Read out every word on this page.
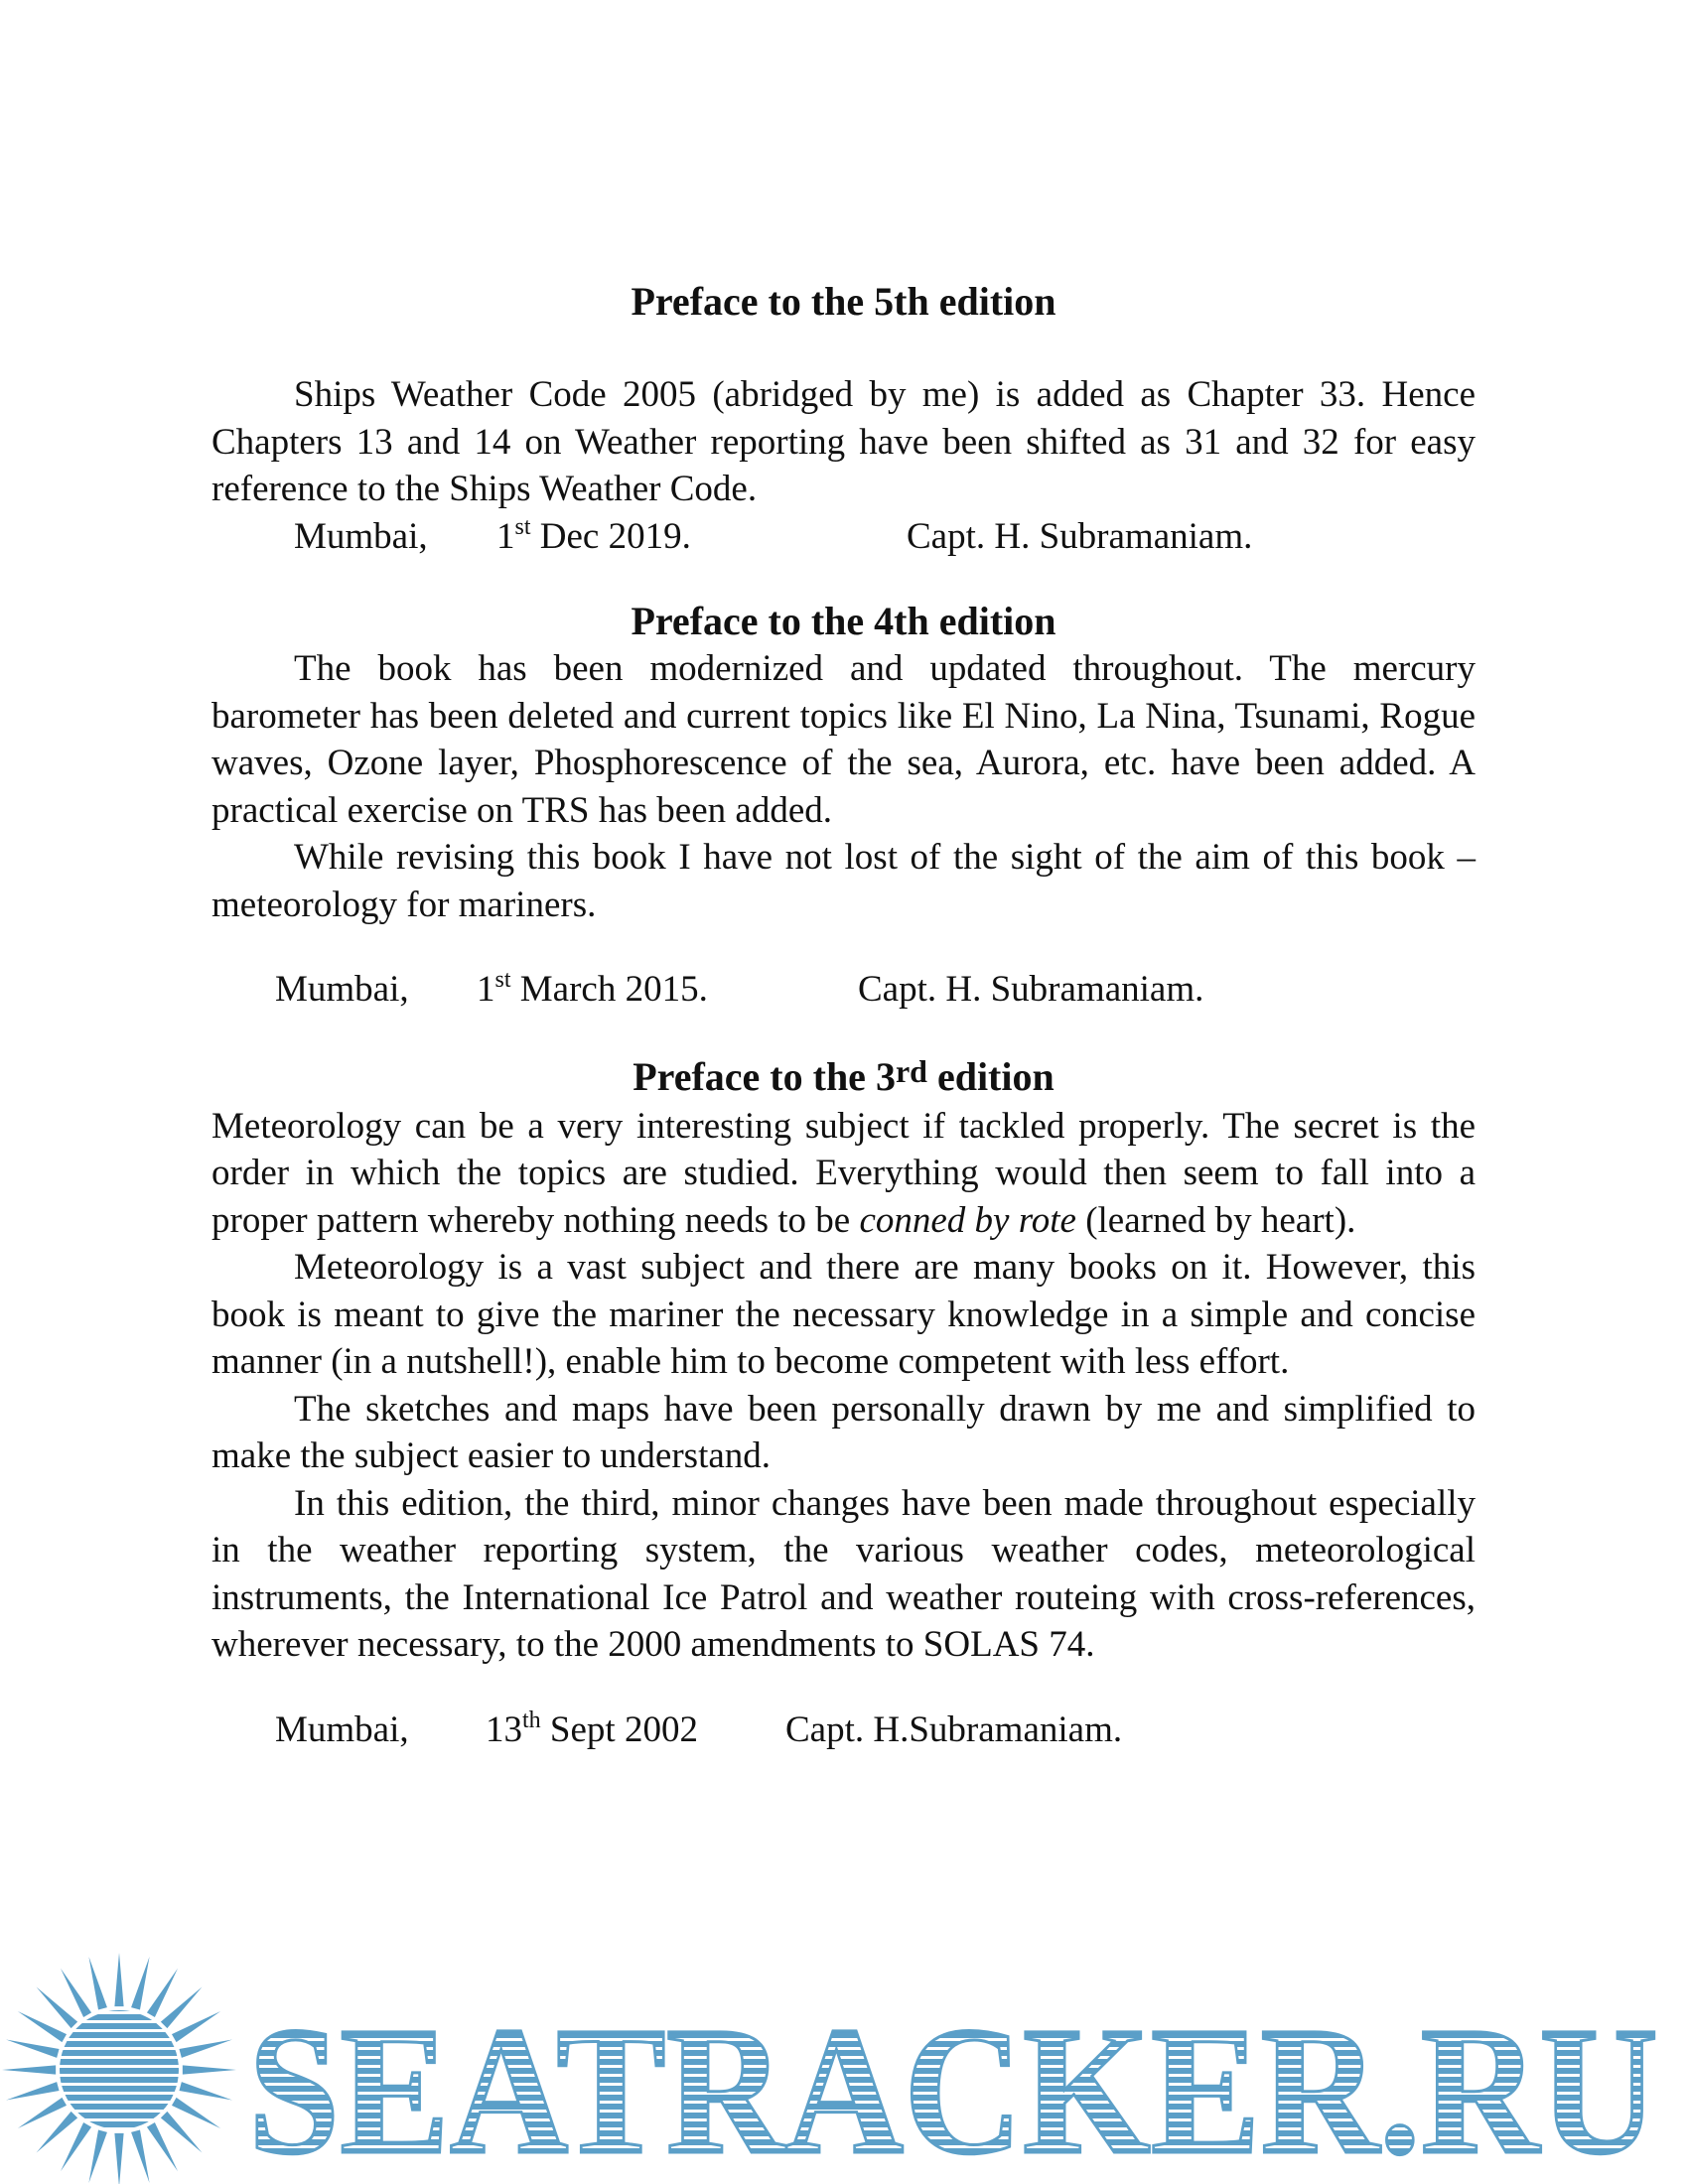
Preface to the 5th edition

Ships Weather Code 2005 (abridged by me) is added as Chapter 33. Hence Chapters 13 and 14 on Weather reporting have been shifted as 31 and 32 for easy reference to the Ships Weather Code.

Mumbai, 1st Dec 2019.	Capt. H. Subramaniam.
Preface to the 4th edition

The book has been modernized and updated throughout. The mercury barometer has been deleted and current topics like El Nino, La Nina, Tsunami, Rogue waves, Ozone layer, Phosphorescence of the sea, Aurora, etc. have been added. A practical exercise on TRS has been added.

While revising this book I have not lost of the sight of the aim of this book – meteorology for mariners.

Mumbai, 1st March 2015.	Capt. H. Subramaniam.
Preface to the 3rd edition

Meteorology can be a very interesting subject if tackled properly. The secret is the order in which the topics are studied. Everything would then seem to fall into a proper pattern whereby nothing needs to be conned by rote (learned by heart).

Meteorology is a vast subject and there are many books on it. However, this book is meant to give the mariner the necessary knowledge in a simple and concise manner (in a nutshell!), enable him to become competent with less effort.

The sketches and maps have been personally drawn by me and simplified to make the subject easier to understand.

In this edition, the third, minor changes have been made throughout especially in the weather reporting system, the various weather codes, meteorological instruments, the International Ice Patrol and weather routeing with cross-references, wherever necessary, to the 2000 amendments to SOLAS 74.

Mumbai, 13th Sept 2002 Capt. H.Subramaniam.
SEATRACKER.RU
